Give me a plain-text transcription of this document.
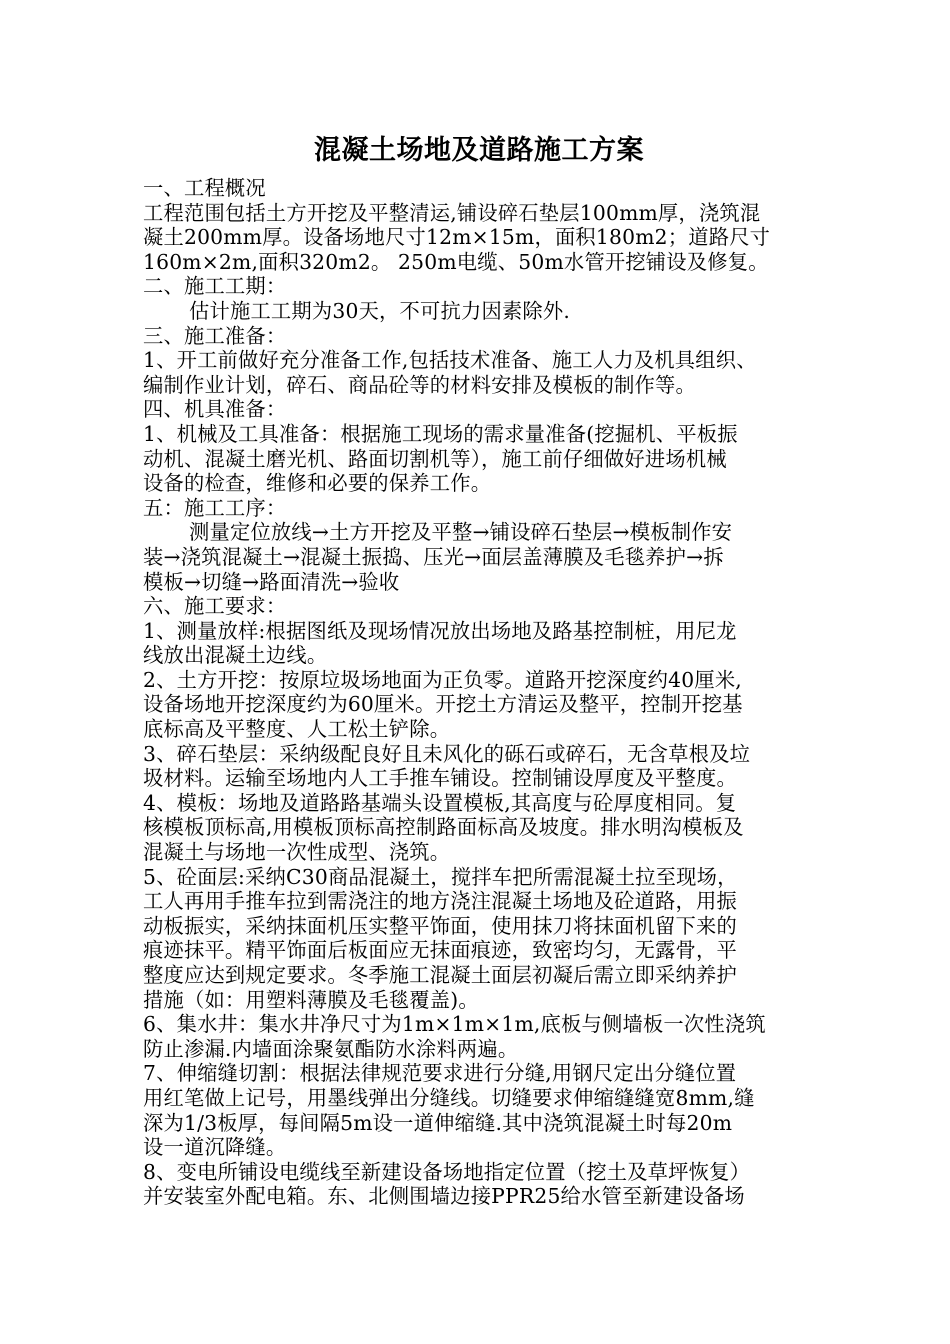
混凝土场地及道路施工方案

一、工程概况

工程范围包括土方开挖及平整清运,铺设碎石垫层100mm厚，浇筑混

凝土200mm厚。设备场地尺寸12m×15m，面积180m2；道路尺寸

160m×2m,面积320m2。 250m电缆、50m水管开挖铺设及修复。

二、施工工期：

估计施工工期为30天，不可抗力因素除外.

三、施工准备：

1、开工前做好充分准备工作,包括技术准备、施工人力及机具组织、

编制作业计划，碎石、商品砼等的材料安排及模板的制作等。

四、机具准备：

1、机械及工具准备：根据施工现场的需求量准备(挖掘机、平板振

动机、混凝土磨光机、路面切割机等），施工前仔细做好进场机械

设备的检查，维修和必要的保养工作。

五：施工工序：

测量定位放线→土方开挖及平整→铺设碎石垫层→模板制作安

装→浇筑混凝土→混凝土振捣、压光→面层盖薄膜及毛毯养护→拆

模板→切缝→路面清洗→验收

六、施工要求：

1、测量放样:根据图纸及现场情况放出场地及路基控制桩，用尼龙

线放出混凝土边线。

2、土方开挖：按原垃圾场地面为正负零。道路开挖深度约40厘米,

设备场地开挖深度约为60厘米。开挖土方清运及整平，控制开挖基

底标高及平整度、人工松土铲除。

3、碎石垫层：采纳级配良好且未风化的砾石或碎石，无含草根及垃

圾材料。运输至场地内人工手推车铺设。控制铺设厚度及平整度。

4、模板：场地及道路路基端头设置模板,其高度与砼厚度相同。复

核模板顶标高,用模板顶标高控制路面标高及坡度。排水明沟模板及

混凝土与场地一次性成型、浇筑。

5、砼面层:采纳C30商品混凝土，搅拌车把所需混凝土拉至现场，

工人再用手推车拉到需浇注的地方浇注混凝土场地及砼道路，用振

动板振实，采纳抹面机压实整平饰面，使用抹刀将抹面机留下来的

痕迹抹平。精平饰面后板面应无抹面痕迹，致密均匀，无露骨，平

整度应达到规定要求。冬季施工混凝土面层初凝后需立即采纳养护

措施（如：用塑料薄膜及毛毯覆盖)。

6、集水井：集水井净尺寸为1m×1m×1m,底板与侧墙板一次性浇筑

防止渗漏.内墙面涂聚氨酯防水涂料两遍。

7、伸缩缝切割：根据法律规范要求进行分缝,用钢尺定出分缝位置

用红笔做上记号，用墨线弹出分缝线。切缝要求伸缩缝缝宽8mm,缝

深为1/3板厚，每间隔5m设一道伸缩缝.其中浇筑混凝土时每20m

设一道沉降缝。

8、变电所铺设电缆线至新建设备场地指定位置（挖土及草坪恢复）

并安装室外配电箱。东、北侧围墙边接PPR25给水管至新建设备场
